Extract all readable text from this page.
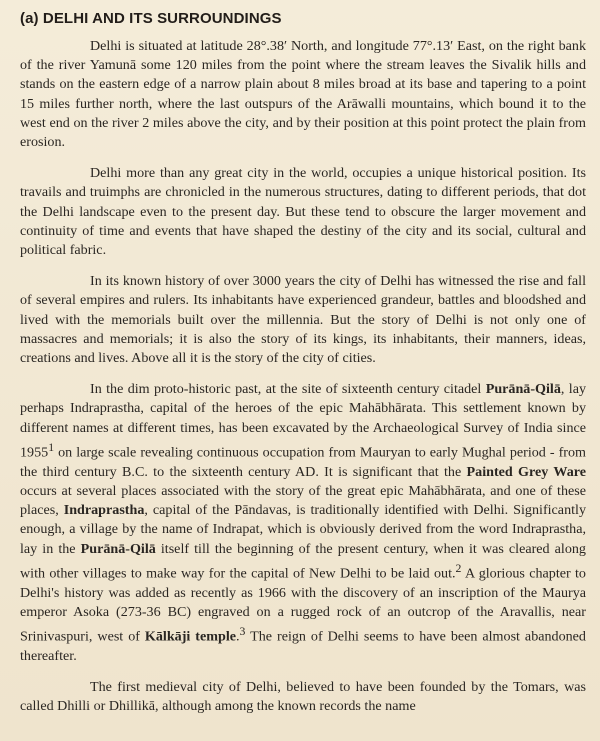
(a) DELHI AND ITS SURROUNDINGS

Delhi is situated at latitude 28°.38′ North, and longitude 77°.13′ East, on the right bank of the river Yamunā some 120 miles from the point where the stream leaves the Sivalik hills and stands on the eastern edge of a narrow plain about 8 miles broad at its base and tapering to a point 15 miles further north, where the last outspurs of the Arāwalli mountains, which bound it to the west end on the river 2 miles above the city, and by their position at this point protect the plain from erosion.

Delhi more than any great city in the world, occupies a unique historical position. Its travails and truimphs are chronicled in the numerous structures, dating to different periods, that dot the Delhi landscape even to the present day. But these tend to obscure the larger movement and continuity of time and events that have shaped the destiny of the city and its social, cultural and political fabric.

In its known history of over 3000 years the city of Delhi has witnessed the rise and fall of several empires and rulers. Its inhabitants have experienced grandeur, battles and bloodshed and lived with the memorials built over the millennia. But the story of Delhi is not only one of massacres and memorials; it is also the story of its kings, its inhabitants, their manners, ideas, creations and lives. Above all it is the story of the city of cities.

In the dim proto-historic past, at the site of sixteenth century citadel Purānā-Qilā, lay perhaps Indraprastha, capital of the heroes of the epic Mahābhārata. This settlement known by different names at different times, has been excavated by the Archaeological Survey of India since 1955$^1$ on large scale revealing continuous occupation from Mauryan to early Mughal period - from the third century B.C. to the sixteenth century AD. It is significant that the Painted Grey Ware occurs at several places associated with the story of the great epic Mahābhārata, and one of these places, Indraprastha, capital of the Pāndavas, is traditionally identified with Delhi. Significantly enough, a village by the name of Indrapat, which is obviously derived from the word Indraprastha, lay in the Purānā-Qilā itself till the beginning of the present century, when it was cleared along with other villages to make way for the capital of New Delhi to be laid out.$^2$ A glorious chapter to Delhi's history was added as recently as 1966 with the discovery of an inscription of the Maurya emperor Asoka (273-36 BC) engraved on a rugged rock of an outcrop of the Aravallis, near Srinivaspuri, west of Kālkāji temple.$^3$ The reign of Delhi seems to have been almost abandoned thereafter.

The first medieval city of Delhi, believed to have been founded by the Tomars, was called Dhilli or Dhillikā, although among the known records the name
